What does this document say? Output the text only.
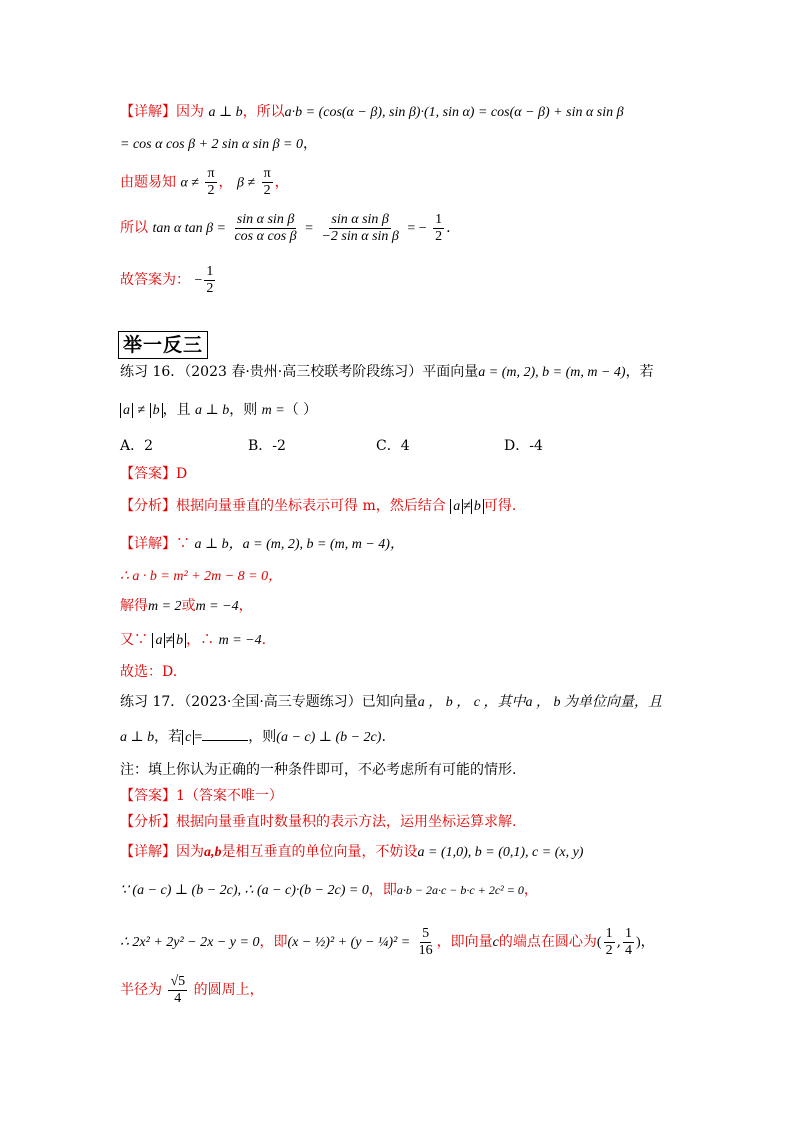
【详解】因为 a ⊥ b，所以a·b = (cos(α − β), sin β)·(1, sin α) = cos(α − β) + sin α sin β
= cos α cos β + 2 sin α sin β = 0，
由题易知 $\alpha \ne \frac{\pi}{2}$ ， $\beta \ne \frac{\pi}{2}$ ，
所以 tan α $\tan \beta = \frac{\text{sin α sin β}}{\text{cos α cos β}} = \frac{\text{sin α sin β}}{\text{−2 sin α sin β}}$ = − $\frac{1}{2}$ .
故答案为： − $\frac{1}{2}$
举一反三
练习 16．（2023 春·贵州·高三校联考阶段练习）平面向量a = (m, 2), b = (m, m − 4)，若
a ≠ b ，且 a ⊥ b，则 m =（ ）
A．2	B．-2	C．4	D．-4
【答案】D
【分析】根据向量垂直的坐标表示可得 m，然后结合 a ≠ b 可得.
【详解】∵ a ⊥ b，a = (m, 2), b = (m, m − 4)，
∴ a · b = m² + 2m − 8 = 0，
解得m = 2或m = −4，
又∵ a ≠ b ，∴ m = −4.
故选：D.
练习 17．（2023·全国·高三专题练习）已知向量a ， b ， c ，其中a ， b 为单位向量，且
a ⊥ b，若 c =	，则(a − c) ⊥ (b − 2c).
注：填上你认为正确的一种条件即可，不必考虑所有可能的情形.
【答案】1（答案不唯一）
【分析】根据向量垂直时数量积的表示方法，运用坐标运算求解.
【详解】因为a,b是相互垂直的单位向量，不妨设a = (1,0), b = (0,1), c = (x, y)
∵ (a − c) ⊥ (b − 2c), ∴ (a − c)·(b − 2c) = 0，即a·b − 2a·c − b·c + 2c² = 0，
∴ 2x² + 2y² − 2x − y = 0，即(x − ½)² + (y − ¼)² = $\frac{5}{16}$ ，即向量c的端点在圆心为( $\frac{1}{2}$ , $\frac{1}{4}$ )，
半径为 $\frac{√5}{4}$ 的圆周上，
